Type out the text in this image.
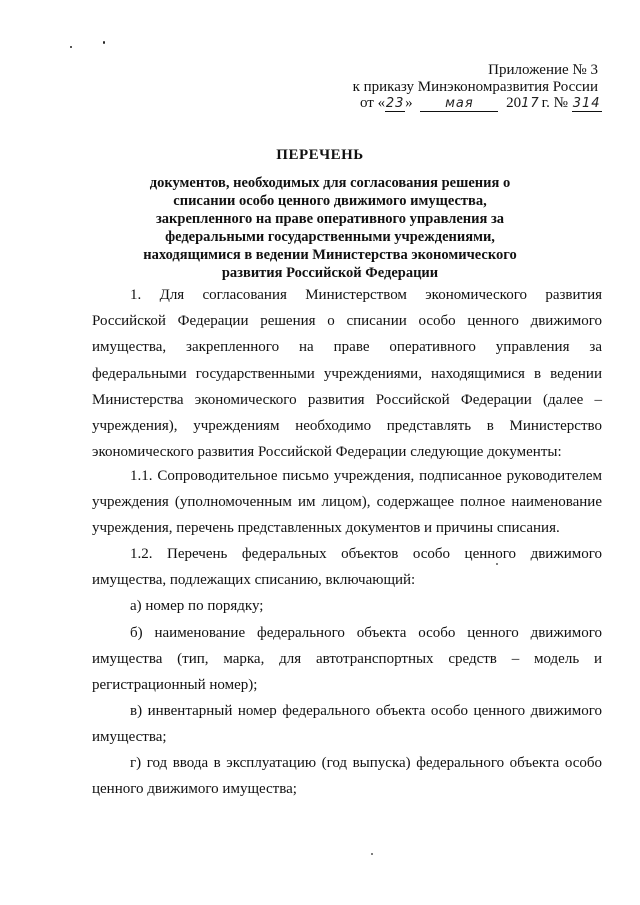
Приложение № 3
к приказу Минэкономразвития России
от «23» мая 2017 г. № 314
ПЕРЕЧЕНЬ
документов, необходимых для согласования решения о списании особо ценного движимого имущества, закрепленного на праве оперативного управления за федеральными государственными учреждениями, находящимися в ведении Министерства экономического развития Российской Федерации

1. Для согласования Министерством экономического развития Российской Федерации решения о списании особо ценного движимого имущества, закрепленного на праве оперативного управления за федеральными государственными учреждениями, находящимися в ведении Министерства экономического развития Российской Федерации (далее – учреждения), учреждениям необходимо представлять в Министерство экономического развития Российской Федерации следующие документы:

1.1. Сопроводительное письмо учреждения, подписанное руководителем учреждения (уполномоченным им лицом), содержащее полное наименование учреждения, перечень представленных документов и причины списания.

1.2. Перечень федеральных объектов особо ценного движимого имущества, подлежащих списанию, включающий:

а) номер по порядку;

б) наименование федерального объекта особо ценного движимого имущества (тип, марка, для автотранспортных средств – модель и регистрационный номер);

в) инвентарный номер федерального объекта особо ценного движимого имущества;

г) год ввода в эксплуатацию (год выпуска) федерального объекта особо ценного движимого имущества;
